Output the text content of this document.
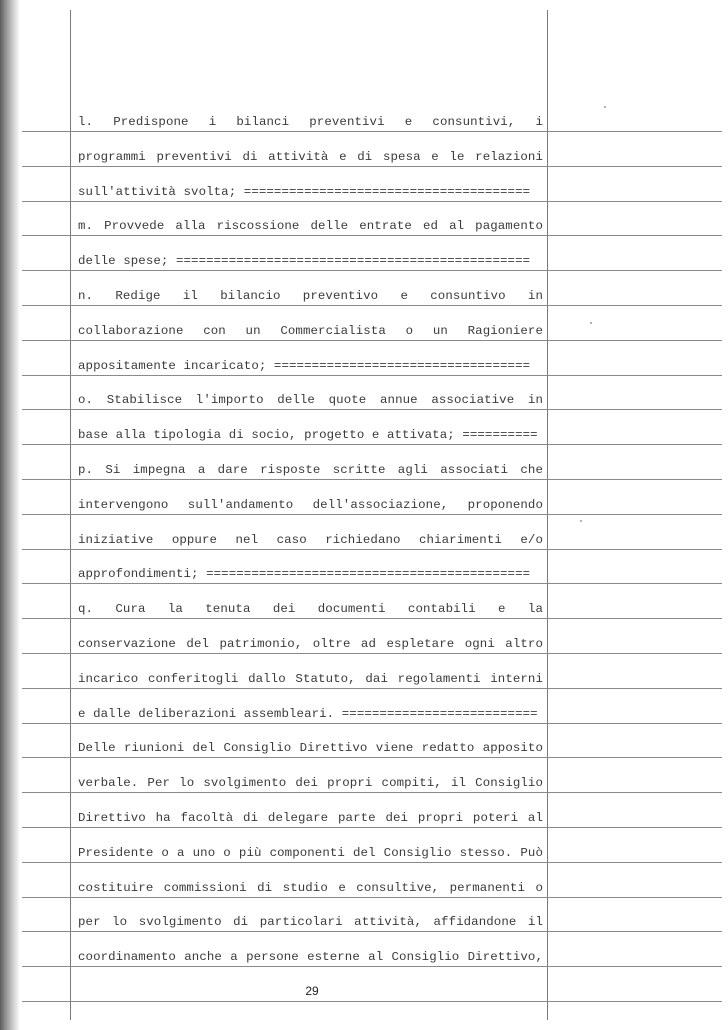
l. Predispone i bilanci preventivi e consuntivi, i
programmi preventivi di attività e di spesa e le relazioni
sull'attività svolta; ======================================
m. Provvede alla riscossione delle entrate ed al pagamento
delle spese; ===============================================
n. Redige il bilancio preventivo e consuntivo in
collaborazione con un Commercialista o un Ragioniere
appositamente incaricato; ==================================
o. Stabilisce l'importo delle quote annue associative in
base alla tipologia di socio, progetto e attivata; ==========
p. Si impegna a dare risposte scritte agli associati che
intervengono sull'andamento dell'associazione, proponendo
iniziative oppure nel caso richiedano chiarimenti e/o
approfondimenti; ===========================================
q. Cura la tenuta dei documenti contabili e la
conservazione del patrimonio, oltre ad espletare ogni altro
incarico conferitogli dallo Statuto, dai regolamenti interni
e dalle deliberazioni assembleari. ==========================
Delle riunioni del Consiglio Direttivo viene redatto apposito
verbale. Per lo svolgimento dei propri compiti, il Consiglio
Direttivo ha facoltà di delegare parte dei propri poteri al
Presidente o a uno o più componenti del Consiglio stesso. Può
costituire commissioni di studio e consultive, permanenti o
per lo svolgimento di particolari attività, affidandone il
coordinamento anche a persone esterne al Consiglio Direttivo,
29
